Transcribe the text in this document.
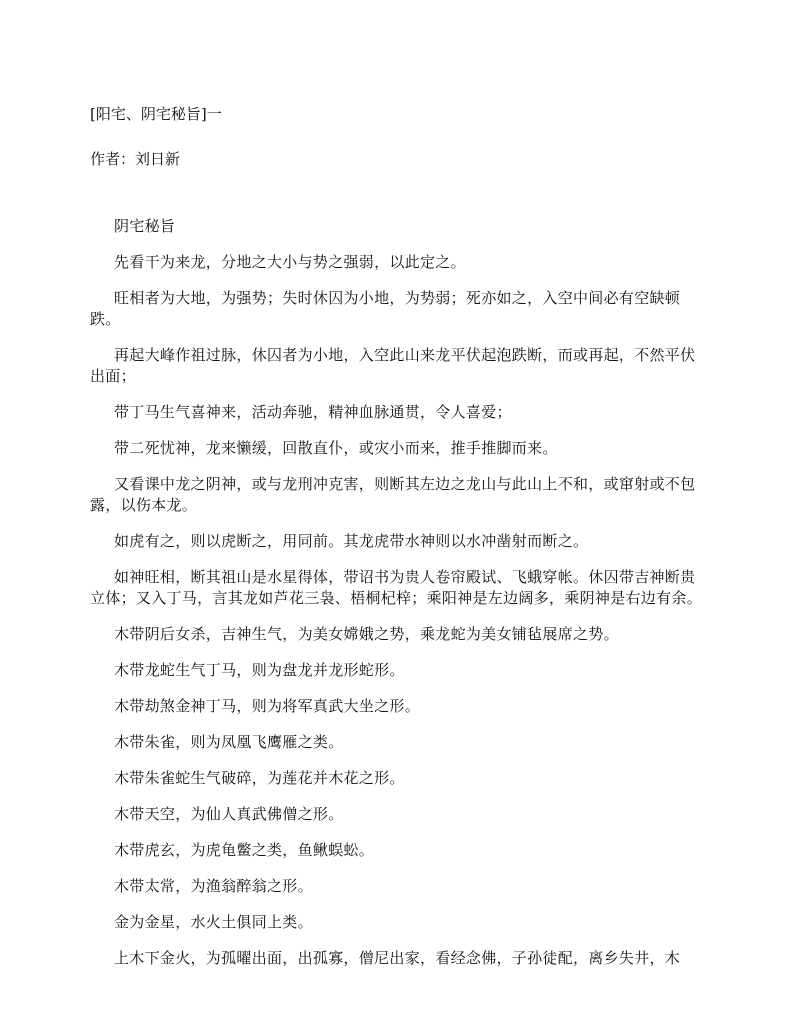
[阳宅、阴宅秘旨]一

作者：刘日新

阴宅秘旨

先看干为来龙，分地之大小与势之强弱，以此定之。

旺相者为大地，为强势；失时休囚为小地，为势弱；死亦如之，入空中间必有空缺顿跌。

再起大峰作祖过脉，休囚者为小地，入空此山来龙平伏起泡跌断，而或再起，不然平伏出面；

带丁马生气喜神来，活动奔驰，精神血脉通贯，令人喜爱；

带二死忧神，龙来懒缓，回散直仆，或灾小而来，推手推脚而来。

又看课中龙之阴神，或与龙刑冲克害，则断其左边之龙山与此山上不和，或窜射或不包露，以伤本龙。

如虎有之，则以虎断之，用同前。其龙虎带水神则以水冲凿射而断之。

如神旺相，断其祖山是水星得体，带诏书为贵人卷帘殿试、飞蛾穿帐。休囚带吉神断贵立体；又入丁马，言其龙如芦花三袅、梧桐杞梓；乘阳神是左边阔多，乘阴神是右边有余。

木带阴后女杀，吉神生气，为美女嫦娥之势，乘龙蛇为美女铺毡展席之势。

木带龙蛇生气丁马，则为盘龙并龙形蛇形。

木带劫煞金神丁马，则为将军真武大坐之形。

木带朱雀，则为凤凰飞鹰雁之类。

木带朱雀蛇生气破碎，为莲花并木花之形。

木带天空，为仙人真武佛僧之形。

木带虎玄，为虎龟鳖之类，鱼鳅蜈蚣。

木带太常，为渔翁醉翁之形。

金为金星，水火土俱同上类。

上木下金火，为孤曜出面，出孤寡，僧尼出家，看经念佛，子孙徒配，离乡失井，木
